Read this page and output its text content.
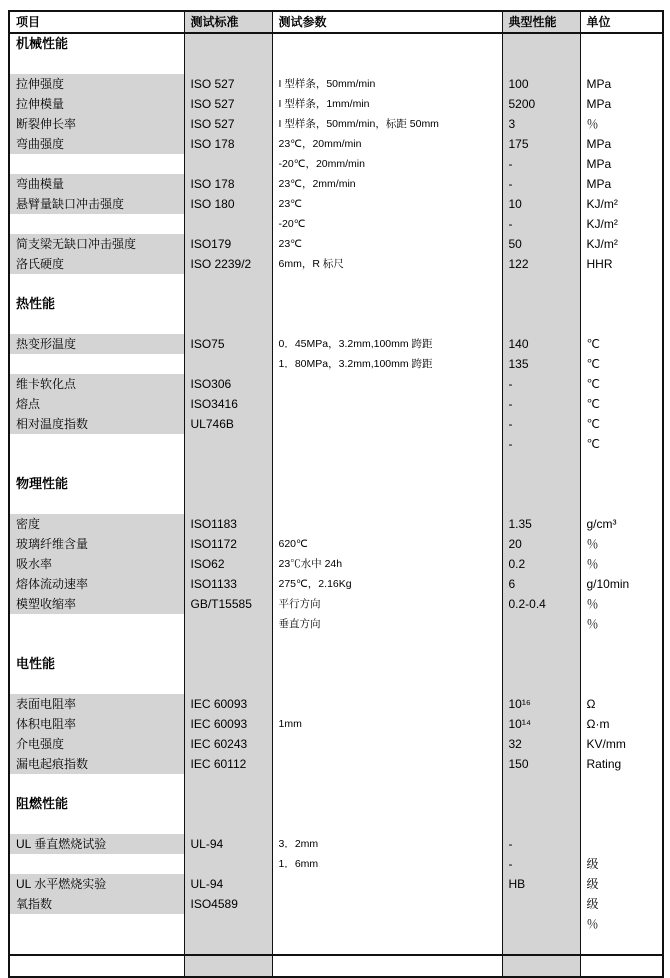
项目	测试标准	测试参数	典型性能	单位

机械性能				

拉伸强度	ISO 527	I 型样条，50mm/min	100	MPa

拉伸模量	ISO 527	I 型样条，1mm/min	5200	MPa

断裂伸长率	ISO 527	I 型样条，50mm/min，标距 50mm	3	％

弯曲强度	ISO 178	23℃，20mm/min	175	MPa

		-20℃，20mm/min	-	MPa

弯曲模量	ISO 178	23℃，2mm/min	-	MPa

悬臂量缺口冲击强度	ISO 180	23℃	10	KJ/m²

		-20℃	-	KJ/m²

简支梁无缺口冲击强度	ISO179	23℃	50	KJ/m²

洛氏硬度	ISO 2239/2	6mm，R 标尺	122	HHR

热性能				

热变形温度	ISO75	0．45MPa，3.2mm,100mm 跨距	140	℃

		1．80MPa，3.2mm,100mm 跨距	135	℃

维卡软化点	ISO306		-	℃

熔点	ISO3416		-	℃

相对温度指数	UL746B		-	℃

			-	℃

物理性能				

密度	ISO1183		1.35	g/cm³

玻璃纤维含量	ISO1172	620℃	20	％

吸水率	ISO62	23℃水中 24h	0.2	％

熔体流动速率	ISO1133	275℃，2.16Kg	6	g/10min

模塑收缩率	GB/T15585	平行方向	0.2-0.4	％

		垂直方向		％

电性能				

表面电阻率	IEC 60093		10¹⁶	Ω

体积电阻率	IEC 60093	1mm	10¹⁴	Ω·m

介电强度	IEC 60243		32	KV/mm

漏电起痕指数	IEC 60112		150	Rating

阻燃性能				

UL 垂直燃烧试验	UL-94	3．2mm	-	

		1．6mm	-	级

UL 水平燃烧实验	UL-94		HB	级

氧指数	ISO4589			级

				％
